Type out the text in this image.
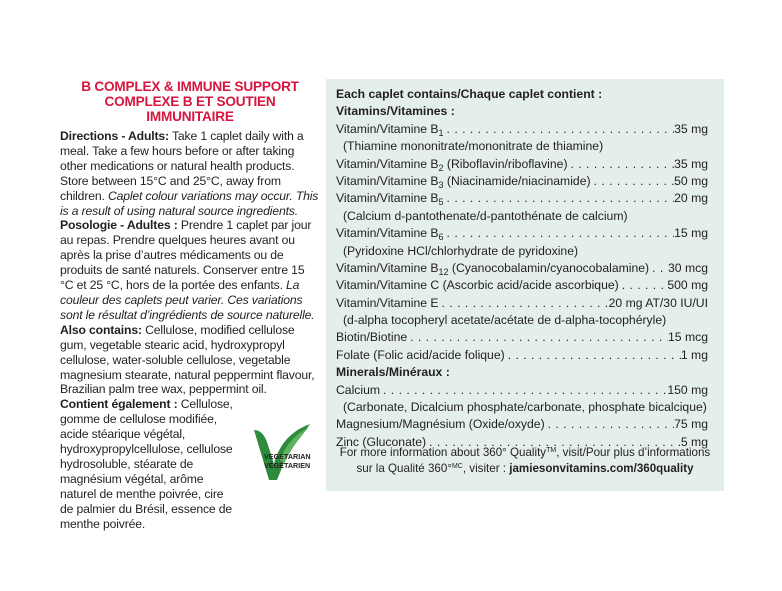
B COMPLEX & IMMUNE SUPPORT
COMPLEXE B ET SOUTIEN IMMUNITAIRE

Directions - Adults: Take 1 caplet daily with a meal. Take a few hours before or after taking other medications or natural health products. Store between 15°C and 25°C, away from children. Caplet colour variations may occur. This is a result of using natural source ingredients.

Posologie - Adultes : Prendre 1 caplet par jour au repas. Prendre quelques heures avant ou après la prise d’autres médicaments ou de produits de santé naturels. Conserver entre 15 °C et 25 °C, hors de la portée des enfants. La couleur des caplets peut varier. Ces variations sont le résultat d’ingrédients de source naturelle.

Also contains: Cellulose, modified cellulose gum, vegetable stearic acid, hydroxypropyl cellulose, water-soluble cellulose, vegetable magnesium stearate, natural peppermint flavour, Brazilian palm tree wax, peppermint oil.

Contient également : Cellulose, gomme de cellulose modifiée, acide stéarique végétal, hydroxypropylcellulose, cellulose hydrosoluble, stéarate de magnésium végétal, arôme naturel de menthe poivrée, cire de palmier du Brésil, essence de menthe poivrée.

VEGETARIAN
VÉGÉTARIEN
Each caplet contains/Chaque caplet contient :
Vitamins/Vitamines :
Vitamin/Vitamine $B_1$ . . .	35 mg
(Thiamine mononitrate/mononitrate de thiamine)
Vitamin/Vitamine $B_2$ (Riboflavin/riboflavine) . . .	35 mg
Vitamin/Vitamine $B_3$ (Niacinamide/niacinamide) . . .	50 mg
Vitamin/Vitamine $B_5$ . . .	20 mg
(Calcium d-pantothenate/d-pantothénate de calcium)
Vitamin/Vitamine $B_6$ . . .	15 mg
(Pyridoxine HCl/chlorhydrate de pyridoxine)
Vitamin/Vitamine $B_{12}$ (Cyanocobalamin/cyanocobalamine) . . . 30 mcg
Vitamin/Vitamine C (Ascorbic acid/acide ascorbique) . . .	500 mg
Vitamin/Vitamine E . . .	20 mg AT/30 IU/UI
(d-alpha tocopheryl acetate/acétate de d-alpha-tocophéryle)
Biotin/Biotine . . .	15 mcg
Folate (Folic acid/acide folique) . . .	1 mg
Minerals/Minéraux :
Calcium . . .	150 mg
(Carbonate, Dicalcium phosphate/carbonate, phosphate bicalcique)
Magnesium/Magnésium (Oxide/oxyde) . . .	75 mg
Zinc (Gluconate) . . .	5 mg
For more information about 360° Quality™, visit/Pour plus d’informations
sur la Qualité 360°$^{MC}$, visiter : jamiesonvitamins.com/360quality
